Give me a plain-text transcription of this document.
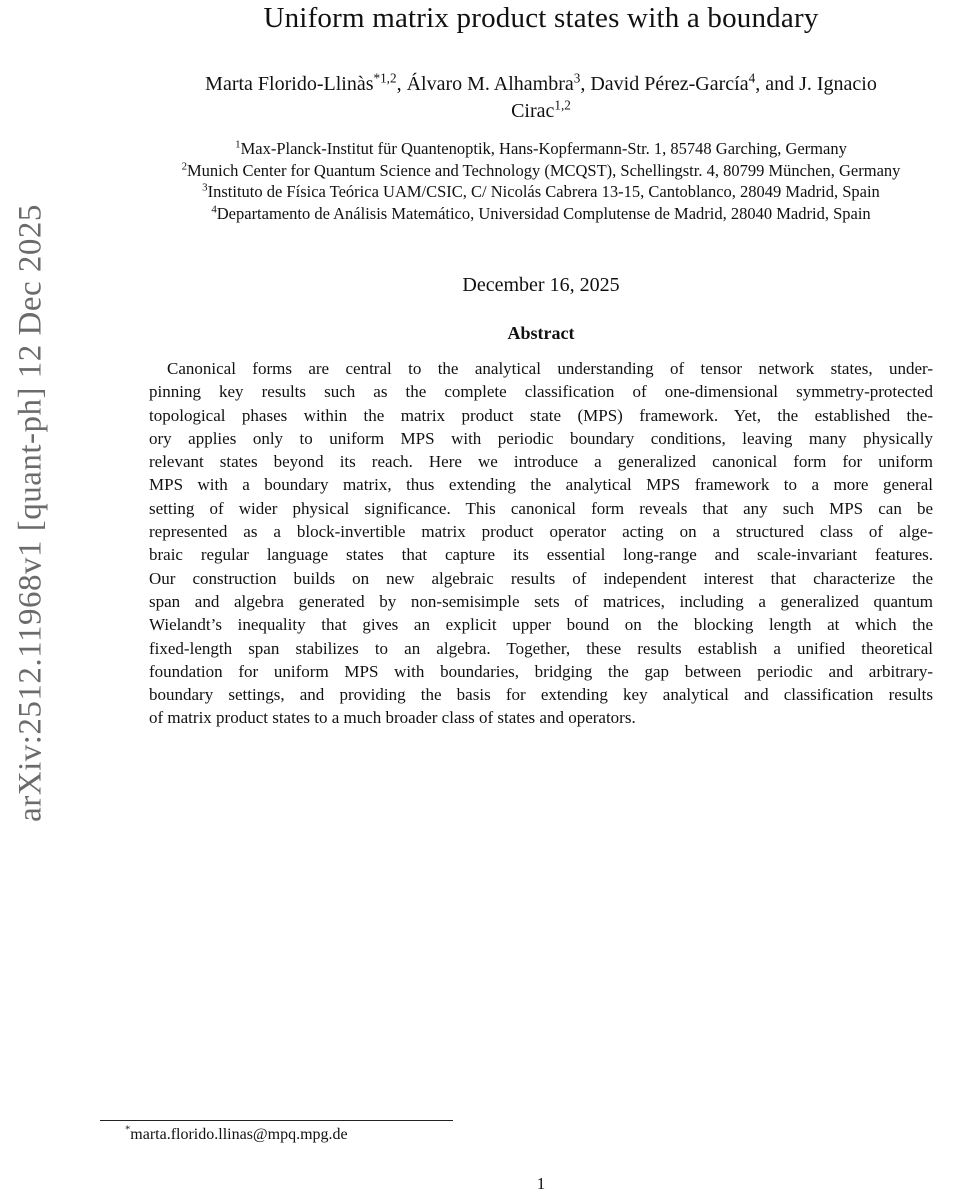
arXiv:2512.11968v1 [quant-ph] 12 Dec 2025
Uniform matrix product states with a boundary
Marta Florido-Llinàs$^{*1,2}$, Álvaro M. Alhambra$^3$, David Pérez-García$^4$, and J. Ignacio
Cirac$^{1,2}$
$^1$Max-Planck-Institut für Quantenoptik, Hans-Kopfermann-Str. 1, 85748 Garching, Germany
$^2$Munich Center for Quantum Science and Technology (MCQST), Schellingstr. 4, 80799 München, Germany
$^3$Instituto de Física Teórica UAM/CSIC, C/ Nicolás Cabrera 13-15, Cantoblanco, 28049 Madrid, Spain
$^4$Departamento de Análisis Matemático, Universidad Complutense de Madrid, 28040 Madrid, Spain
December 16, 2025
Abstract
Canonical forms are central to the analytical understanding of tensor network states, under-
pinning key results such as the complete classification of one-dimensional symmetry-protected
topological phases within the matrix product state (MPS) framework. Yet, the established the-
ory applies only to uniform MPS with periodic boundary conditions, leaving many physically
relevant states beyond its reach. Here we introduce a generalized canonical form for uniform
MPS with a boundary matrix, thus extending the analytical MPS framework to a more general
setting of wider physical significance. This canonical form reveals that any such MPS can be
represented as a block-invertible matrix product operator acting on a structured class of alge-
braic regular language states that capture its essential long-range and scale-invariant features.
Our construction builds on new algebraic results of independent interest that characterize the
span and algebra generated by non-semisimple sets of matrices, including a generalized quantum
Wielandt’s inequality that gives an explicit upper bound on the blocking length at which the
fixed-length span stabilizes to an algebra. Together, these results establish a unified theoretical
foundation for uniform MPS with boundaries, bridging the gap between periodic and arbitrary-
boundary settings, and providing the basis for extending key analytical and classification results
of matrix product states to a much broader class of states and operators.
*marta.florido.llinas@mpq.mpg.de
1
